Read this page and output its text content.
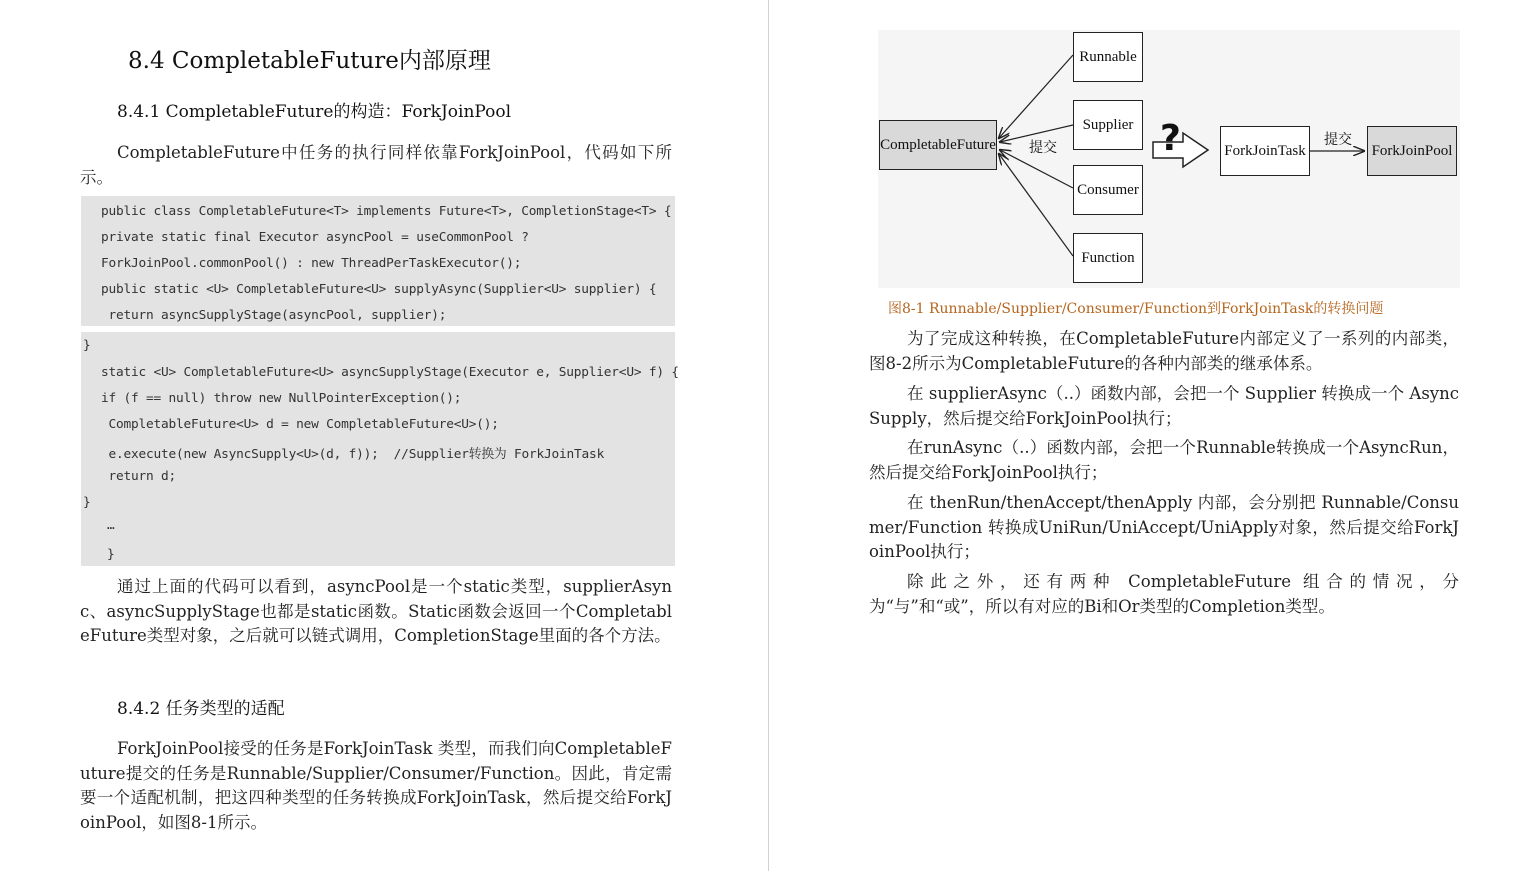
8.4 CompletableFuture内部原理
8.4.1 CompletableFuture的构造：ForkJoinPool

CompletableFuture中任务的执行同样依靠ForkJoinPool，代码如下所示。

public class CompletableFuture<T> implements Future<T>, CompletionStage<T> {
private static final Executor asyncPool = useCommonPool ?
ForkJoinPool.commonPool() : new ThreadPerTaskExecutor();
public static <U> CompletableFuture<U> supplyAsync(Supplier<U> supplier) {
return asyncSupplyStage(asyncPool, supplier);
}
static <U> CompletableFuture<U> asyncSupplyStage(Executor e, Supplier<U> f) {
if (f == null) throw new NullPointerException();
CompletableFuture<U> d = new CompletableFuture<U>();
e.execute(new AsyncSupply<U>(d, f));  //Supplier转换为 ForkJoinTask
return d;
}
…
}

通过上面的代码可以看到，asyncPool是一个static类型，supplierAsync、asyncSupplyStage也都是static函数。Static函数会返回一个CompletableFuture类型对象，之后就可以链式调用，CompletionStage里面的各个方法。

8.4.2 任务类型的适配

ForkJoinPool接受的任务是ForkJoinTask 类型，而我们向CompletableFuture提交的任务是Runnable/Supplier/Consumer/Function。因此，肯定需要一个适配机制，把这四种类型的任务转换成ForkJoinTask，然后提交给ForkJoinPool，如图8-1所示。

CompletableFuture
Runnable
Supplier
Consumer
Function
提交	?	ForkJoinTask
提交
ForkJoinPool
图8-1 Runnable/Supplier/Consumer/Function到ForkJoinTask的转换问题

为了完成这种转换，在CompletableFuture内部定义了一系列的内部类，图8-2所示为CompletableFuture的各种内部类的继承体系。

在 supplierAsync（..）函数内部，会把一个 Supplier 转换成一个 AsyncSupply，然后提交给ForkJoinPool执行；

在runAsync（..）函数内部，会把一个Runnable转换成一个AsyncRun，然后提交给ForkJoinPool执行；

在 thenRun/thenAccept/thenApply 内部，会分别把 Runnable/Consumer/Function 转换成UniRun/UniAccept/UniApply对象，然后提交给ForkJoinPool执行；

除此之外，还有两种 CompletableFuture 组合的情况，分为“与”和“或”，所以有对应的Bi和Or类型的Completion类型。
